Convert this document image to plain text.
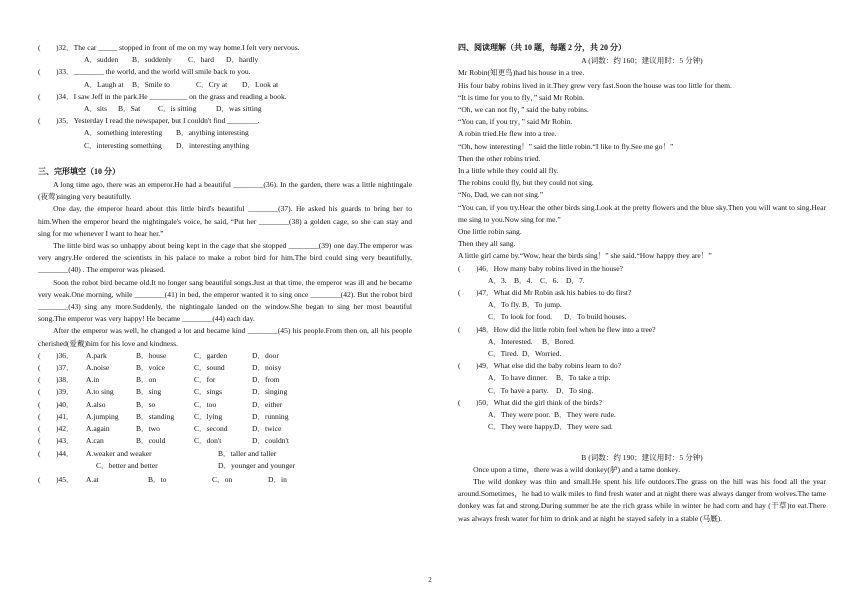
(	)32． The car _____ stopped in front of me on my way home.I felt very nervous.
A．sudden	B．suddenly	C．hard	D．hardly
(	)33． ________ the world, and the world will smile back to you.
A．Laugh at	B．Smile to	C．Cry at	D．Look at
(	)34． I saw Jeff in the park.He __________ on the grass and reading a book.
A．sits	B．Sat	C．is sitting	D．was sitting
(	)35． Yesterday I read the newspaper, but I couldn't find ________.
A．something interesting	B．anything interesting
C．interesting something	D．interesting anything
三、完形填空（10 分）
A long time ago, there was an emperor.He had a beautiful ________(36). In the garden, there was a little nightingale (夜莺)singing very beautifully.
One day, the emperor heard about this little bird's beautiful ________(37). He asked his guards to bring her to him.When the emperor heard the nightingale's voice, he said, “Put her ________(38) a golden cage, so she can stay and sing for me whenever I want to hear her.”
The little bird was so unhappy about being kept in the cage that she stopped ________(39) one day.The emperor was very angry.He ordered the scientists in his palace to make a robot bird for him.The bird could sing very beautifully, ________(40) . The emperor was pleased.
Soon the robot bird became old.It no longer sang beautiful songs.Just at that time, the emperor was ill and he became very weak.One morning, while ________(41) in bed, the emperor wanted it to sing once ________(42). But the robot bird ________(43) sing any more.Suddenly, the nightingale landed on the window.She began to sing her most beautiful song.The emperor was very happy! He became ________(44) each day.
After the emperor was well, he changed a lot and became kind ________(45) his people.From then on, all his people cherished(爱戴)him for his love and kindness.
(	)36．	A.park	B．house	C．garden	D．door
(	)37．	A.noise	B．voice	C．sound	D．noisy
(	)38．	A.in	B．on	C．for	D．from
(	)39．	A.to sing	B．sing	C．sings	D．singing
(	)40．	A.also	B．so	C．too	D．either
(	)41．	A.jumping	B．standing	C．lying	D．running
(	)42．	A.again	B．two	C．second	D．twice
(	)43．	A.can	B．could	C．don't	D．couldn't
(	)44．	A.weaker and weaker	B．taller and taller
C．better and better	D．younger and younger
(	)45．	A.at	B．to	C．on	D．in
四、阅读理解（共 10 题，每题 2 分，共 20 分）
A (词数：约 160；建议用时：5 分钟)
Mr Robin(知更鸟)had his house in a tree.
His four baby robins lived in it.They grew very fast.Soon the house was too little for them.
“It is time for you to fly，” said Mr Robin.
“Oh, we can not fly，” said the baby robins.
“You can, if you try，” said Mr Robin.
A robin tried.He flew into a tree.
“Oh, how interesting！” said the little robin.“I like to fly.See me go！”
Then the other robins tried.
In a little while they could all fly.
The robins could fly, but they could not sing.
“No, Dad, we can not sing.”
“You can, if you try.Hear the other birds sing.Look at the pretty flowers and the blue sky.Then you will want to sing.Hear me sing to you.Now sing for me.”
One little robin sang.
Then they all sang.
A little girl came by.“Wow, hear the birds sing！” she said.“How happy they are！”
(	)46． How many baby robins lived in the house?
A．3. B．4.	C．6.	D．7.
(	)47． What did Mr Robin ask his babies to do first?
A．To fly. B．To jump.
C．To look for food.	D．To build houses.
(	)48． How did the little robin feel when he flew into a tree?
A．Interested.	B．Bored.
C．Tired. D．Worried.
(	)49． What else did the baby robins learn to do?
A．To have dinner.	B．To take a trip.
C．To have a party. D．To sing.
(	)50． What did the girl think of the birds?
A．They were poor. B．They were rude.
C．They were happy. D．They were sad.
B (词数：约 190；建议用时：5 分钟)
Once upon a time，there was a wild donkey(驴) and a tame donkey.
The wild donkey was thin and small.He spent his life outdoors.The grass on the hill was his food all the year around.Sometimes，he had to walk miles to find fresh water and at night there was always danger from wolves.The tame donkey was fat and strong.During summer he ate the rich grass while in winter he had corn and hay (干草)to eat.There was always fresh water for him to drink and at night he stayed safely in a stable (马厩).
2
